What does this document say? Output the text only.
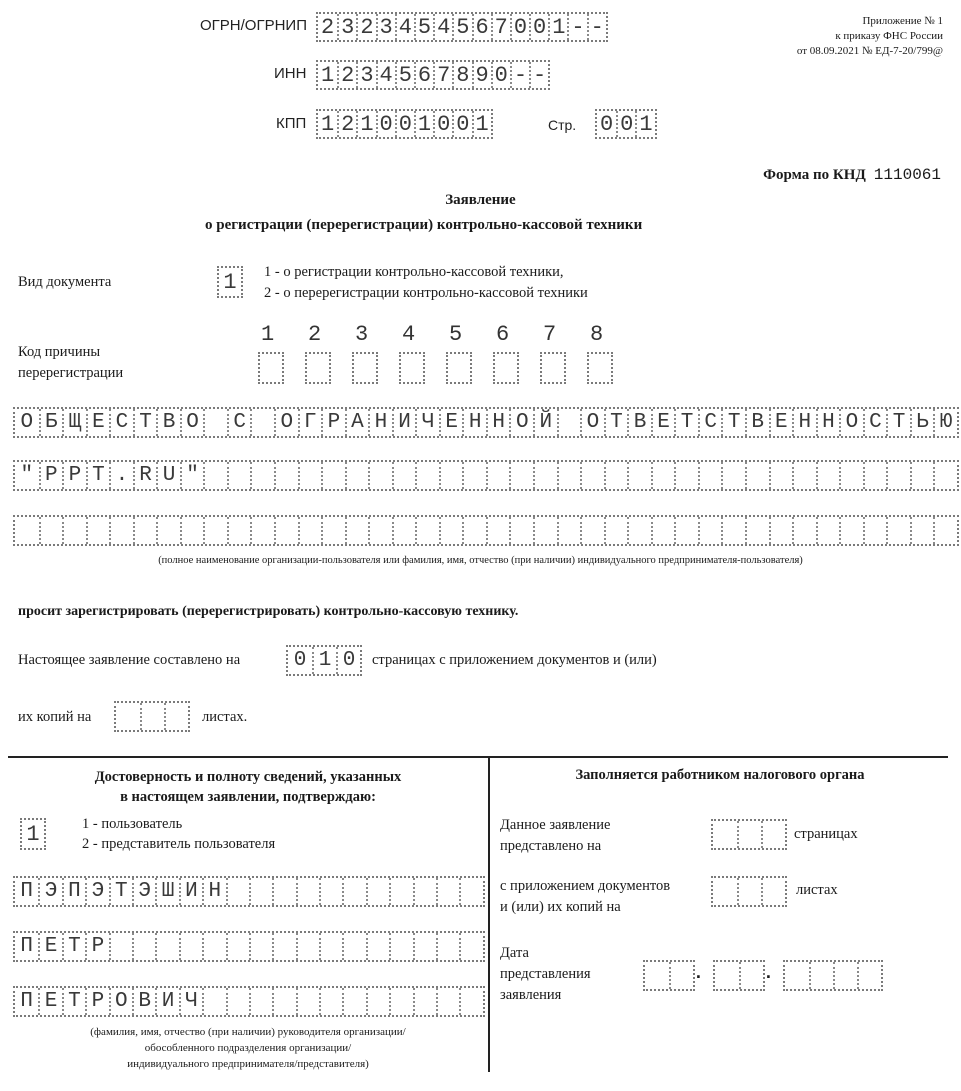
ОГРН/ОГРНИП 2 3 2 3 4 5 4 5 6 7 0 0 1 - -
ИНН 1 2 3 4 5 6 7 8 9 0 - -
КПП 1 2 1 0 0 1 0 0 1	Стр. 0 0 1
Приложение № 1
к приказу ФНС России
от 08.09.2021 № ЕД-7-20/799@
Форма по КНД 1110061
Заявление
о регистрации (перерегистрации) контрольно-кассовой техники
Вид документа	1	1 - о регистрации контрольно-кассовой техники,
2 - о перерегистрации контрольно-кассовой техники
Код причины
перерегистрации
1 2 3 4 5 6 7 8
О Б Щ Е С Т В О	С	О Г Р А Н И Ч Е Н Н О Й	О Т В Е Т С Т В Е Н Н О С Т Ь Ю
" P P T . R U "
(полное наименование организации-пользователя или фамилия, имя, отчество (при наличии) индивидуального предпринимателя-пользователя)
просит зарегистрировать (перерегистрировать) контрольно-кассовую технику.
Настоящее заявление составлено на	0 1 0	страницах с приложением документов и (или)
их копий на	листах.
Достоверность и полноту сведений, указанных
в настоящем заявлении, подтверждаю:
1	1 - пользователь
2 - представитель пользователя
П Э П Э Т Э Ш И Н
П Е Т Р
П Е Т Р О В И Ч
(фамилия, имя, отчество (при наличии) руководителя организации/
обособленного подразделения организации/
индивидуального предпринимателя/представителя)
Заполняется работником налогового органа
Данное заявление
представлено на
страницах
с приложением документов
и (или) их копий на
листах
Дата
представления
заявления
.	.
